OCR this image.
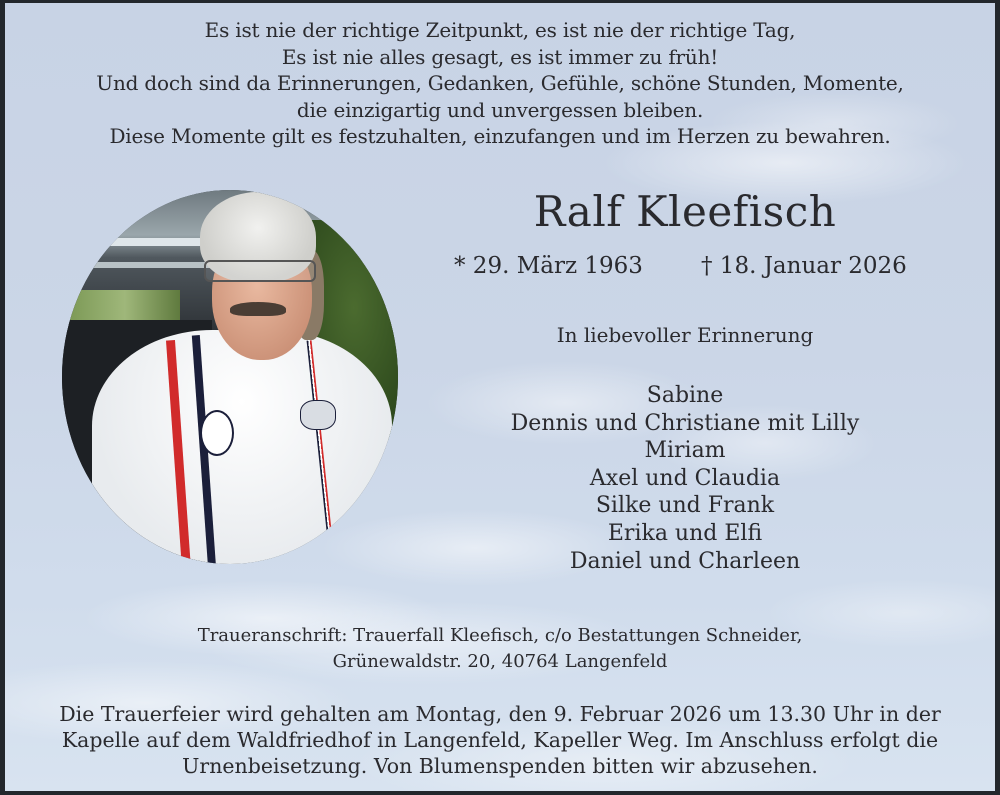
Es ist nie der richtige Zeitpunkt, es ist nie der richtige Tag,
Es ist nie alles gesagt, es ist immer zu früh!
Und doch sind da Erinnerungen, Gedanken, Gefühle, schöne Stunden, Momente,
die einzigartig und unvergessen bleiben.
Diese Momente gilt es festzuhalten, einzufangen und im Herzen zu bewahren.
Ralf Kleefisch
* 29. März 1963	† 18. Januar 2026
In liebevoller Erinnerung
Sabine
Dennis und Christiane mit Lilly
Miriam
Axel und Claudia
Silke und Frank
Erika und Elfi
Daniel und Charleen
Traueranschrift: Trauerfall Kleefisch, c/o Bestattungen Schneider,
Grünewaldstr. 20, 40764 Langenfeld
Die Trauerfeier wird gehalten am Montag, den 9. Februar 2026 um 13.30 Uhr in der
Kapelle auf dem Waldfriedhof in Langenfeld, Kapeller Weg. Im Anschluss erfolgt die
Urnenbeisetzung. Von Blumenspenden bitten wir abzusehen.
